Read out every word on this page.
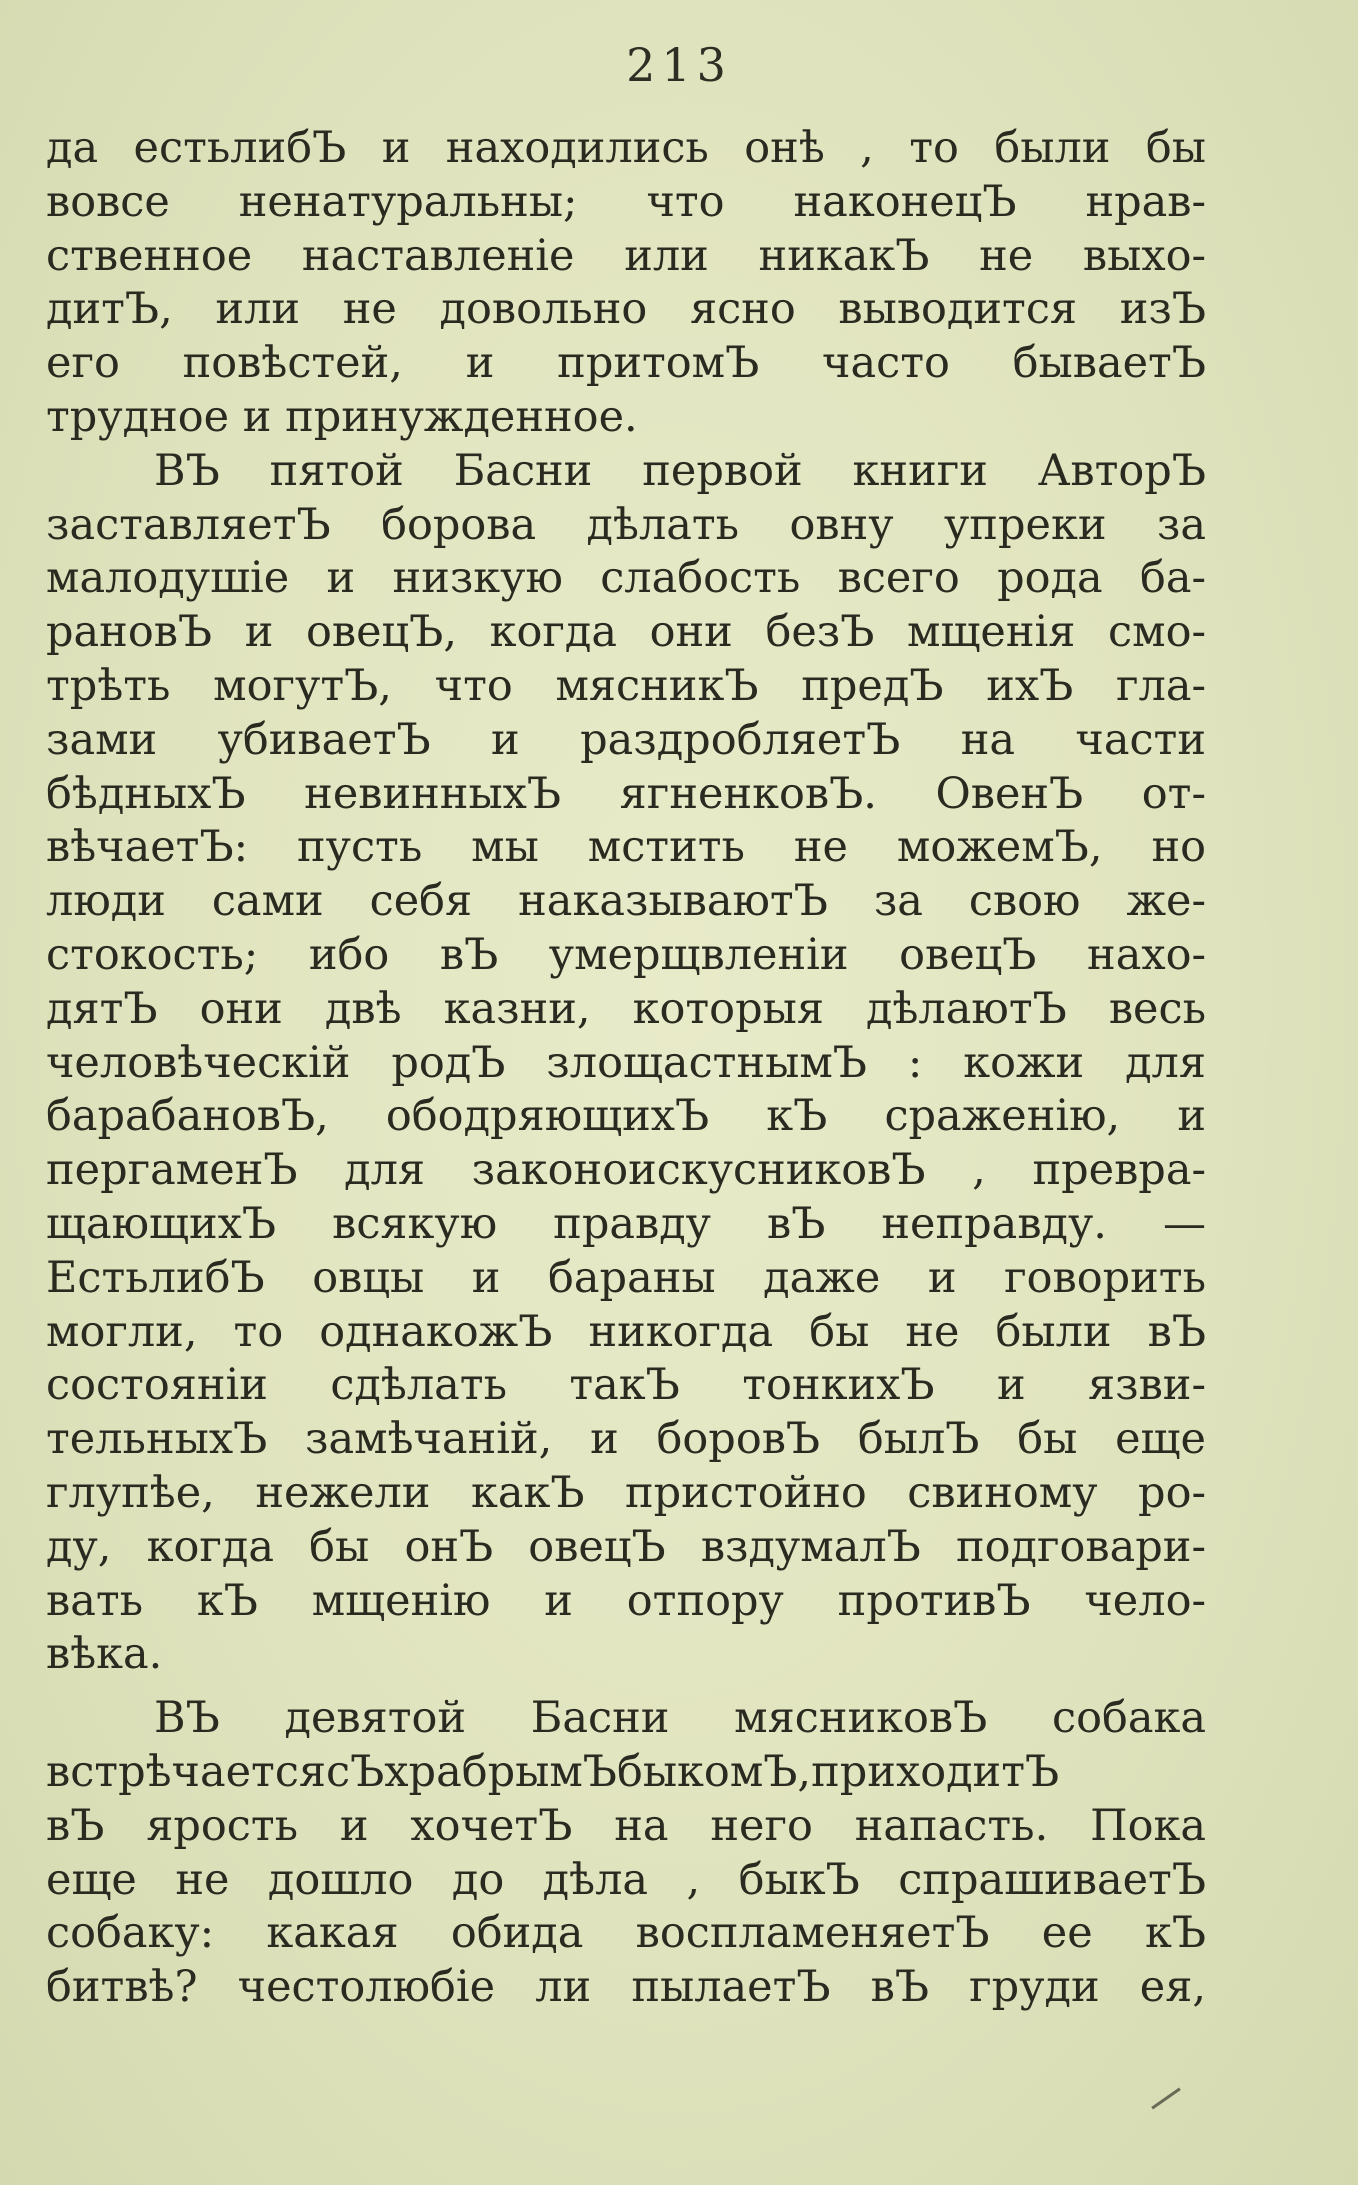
213
да естьлибЪ и находились онѣ , то были бы
вовсе ненатуральны; что наконецЪ нрав-
ственное наставленіе или никакЪ не выхо-
дитЪ, или не довольно ясно выводится изЪ
его повѣстей, и притомЪ часто бываетЪ
трудное и принужденное.
ВЪ пятой Басни первой книги АвторЪ
заставляетЪ борова дѣлать овну упреки за
малодушіе и низкую слабость всего рода ба-
рановЪ и овецЪ, когда они безЪ мщенія смо-
трѣть могутЪ, что мясникЪ предЪ ихЪ гла-
зами убиваетЪ и раздробляетЪ на части
бѣдныхЪ невинныхЪ ягненковЪ. ОвенЪ от-
вѣчаетЪ: пусть мы мстить не можемЪ, но
люди сами себя наказываютЪ за свою же-
стокость; ибо вЪ умерщвленіи овецЪ нахо-
дятЪ они двѣ казни, которыя дѣлаютЪ весь
человѣческій родЪ злощастнымЪ : кожи для
барабановЪ, ободряющихЪ кЪ сраженію, и
пергаменЪ для законоискусниковЪ , превра-
щающихЪ всякую правду вЪ неправду. —
ЕстьлибЪ овцы и бараны даже и говорить
могли, то однакожЪ никогда бы не были вЪ
состояніи сдѣлать такЪ тонкихЪ и язви-
тельныхЪ замѣчаній, и боровЪ былЪ бы еще
глупѣе, нежели какЪ пристойно свиному ро-
ду, когда бы онЪ овецЪ вздумалЪ подговари-
вать кЪ мщенію и отпору противЪ чело-
вѣка.
ВЪ девятой Басни мясниковЪ собака
встрѣчаетсясЪхрабрымЪбыкомЪ,приходитЪ
вЪ ярость и хочетЪ на него напасть. Пока
еще не дошло до дѣла , быкЪ спрашиваетЪ
собаку: какая обида воспламеняетЪ ее кЪ
битвѣ? честолюбіе ли пылаетЪ вЪ груди ея,
